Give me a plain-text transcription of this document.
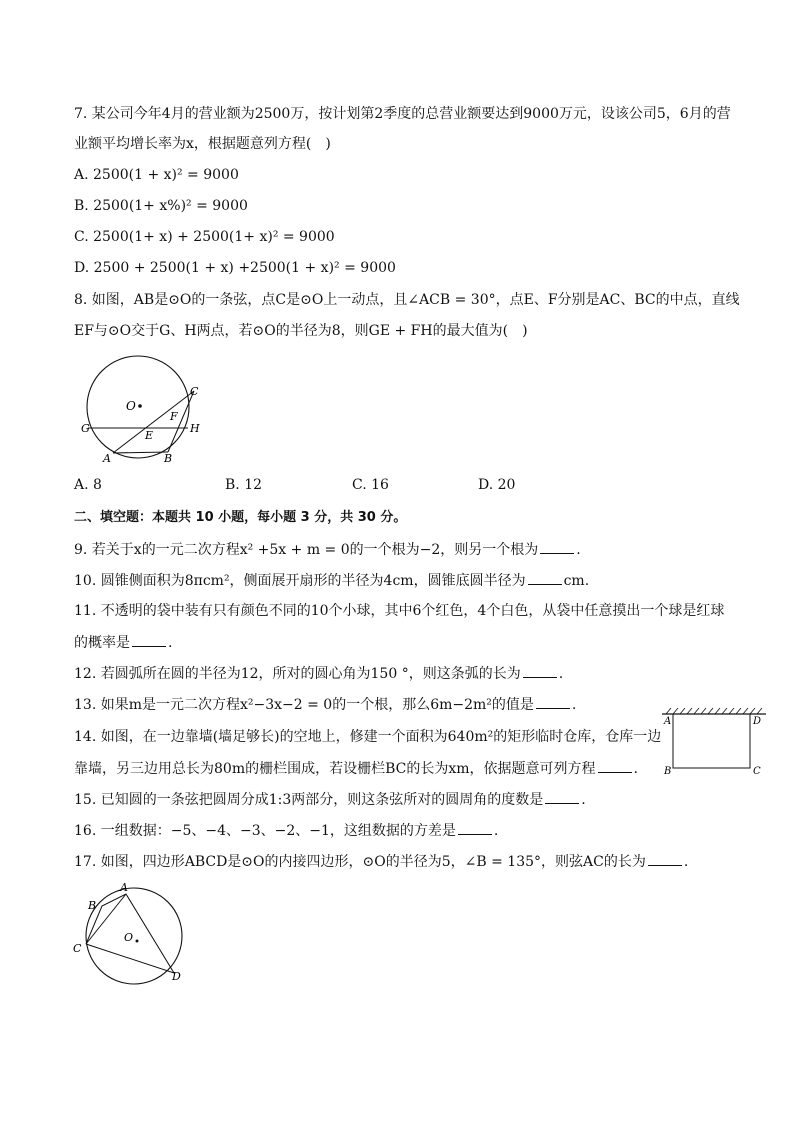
7. 某公司今年4月的营业额为2500万，按计划第2季度的总营业额要达到9000万元，设该公司5，6月的营
业额平均增长率为x，根据题意列方程(　)
A. 2500(1 + x)² = 9000
B. 2500(1+ x%)² = 9000
C. 2500(1+ x) + 2500(1+ x)² = 9000
D. 2500 + 2500(1 + x) +2500(1 + x)² = 9000
8. 如图，AB是⊙O的一条弦，点C是⊙O上一动点，且∠ACB = 30°，点E、F分别是AC、BC的中点，直线
EF与⊙O交于G、H两点，若⊙O的半径为8，则GE + FH的最大值为(　)
O
C
F
G
E
H
A	B
A. 8	B. 12	C. 16	D. 20
二、填空题：本题共 10 小题，每小题 3 分，共 30 分。
9. 若关于x的一元二次方程x² +5x + m = 0的一个根为−2，则另一个根为	.
10. 圆锥侧面积为8πcm²，侧面展开扇形的半径为4cm，圆锥底圆半径为	cm.
11. 不透明的袋中装有只有颜色不同的10个小球，其中6个红色，4个白色，从袋中任意摸出一个球是红球
的概率是	.
12. 若圆弧所在圆的半径为12，所对的圆心角为150 °，则这条弧的长为	.
13. 如果m是一元二次方程x²−3x−2 = 0的一个根，那么6m−2m²的值是	.
14. 如图，在一边靠墙(墙足够长)的空地上，修建一个面积为640m²的矩形临时仓库，仓库一边
靠墙，另三边用总长为80m的栅栏围成，若设栅栏BC的长为xm，依据题意可列方程	.
A	D
B	C
15. 已知圆的一条弦把圆周分成1:3两部分，则这条弦所对的圆周角的度数是	.
16. 一组数据：−5、−4、−3、−2、−1，这组数据的方差是	.
17. 如图，四边形ABCD是⊙O的内接四边形，⊙O的半径为5，∠B = 135°，则弦AC的长为	.
A
B
C
O
D
